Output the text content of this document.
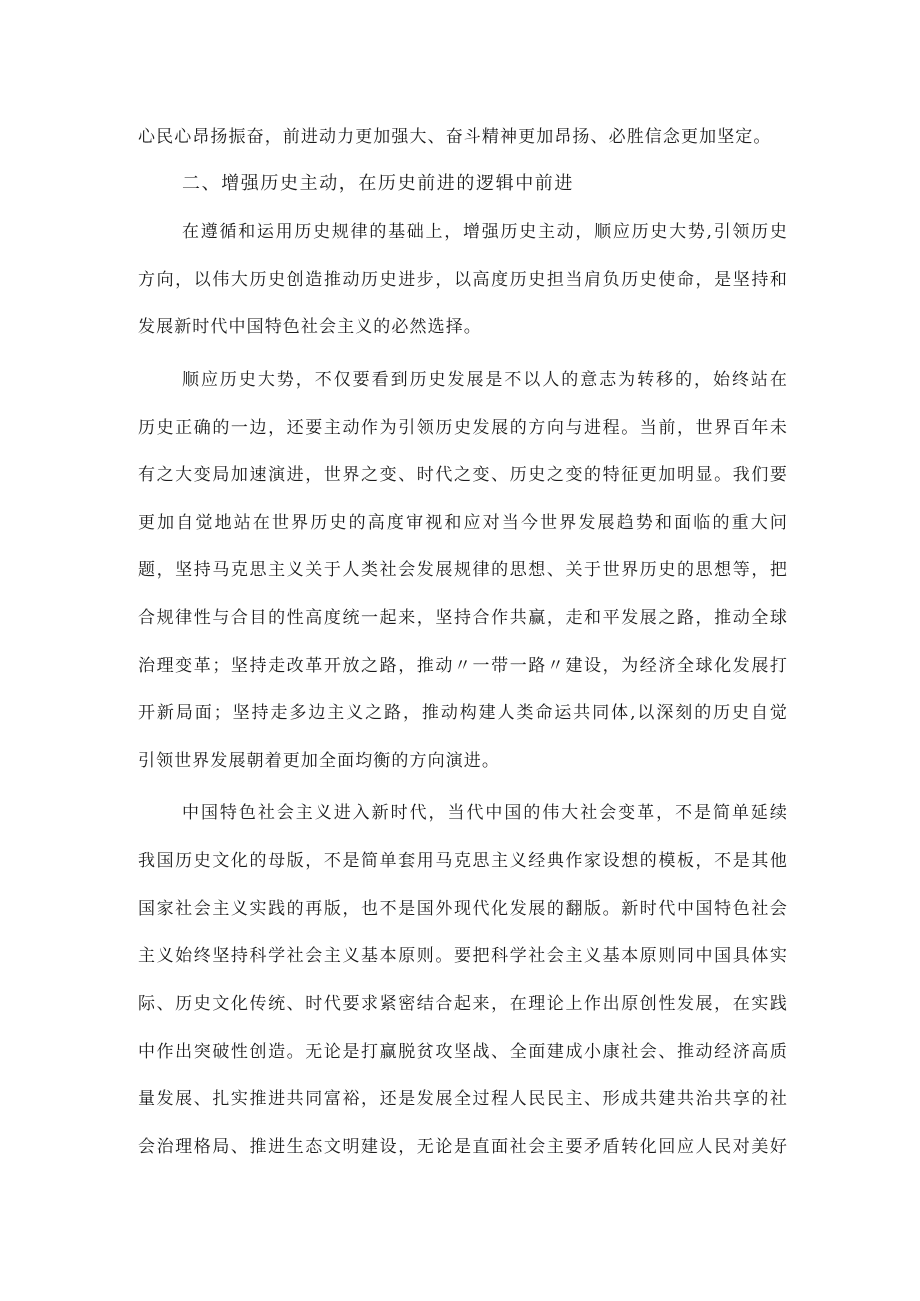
心民心昂扬振奋，前进动力更加强大、奋斗精神更加昂扬、必胜信念更加坚定。
二、增强历史主动，在历史前进的逻辑中前进
在遵循和运用历史规律的基础上，增强历史主动，顺应历史大势,引领历史
方向，以伟大历史创造推动历史进步，以高度历史担当肩负历史使命，是坚持和
发展新时代中国特色社会主义的必然选择。
顺应历史大势，不仅要看到历史发展是不以人的意志为转移的，始终站在
历史正确的一边，还要主动作为引领历史发展的方向与进程。当前，世界百年未
有之大变局加速演进，世界之变、时代之变、历史之变的特征更加明显。我们要
更加自觉地站在世界历史的高度审视和应对当今世界发展趋势和面临的重大问
题，坚持马克思主义关于人类社会发展规律的思想、关于世界历史的思想等，把
合规律性与合目的性高度统一起来，坚持合作共赢，走和平发展之路，推动全球
治理变革；坚持走改革开放之路，推动〃一带一路〃建设，为经济全球化发展打
开新局面；坚持走多边主义之路，推动构建人类命运共同体,以深刻的历史自觉
引领世界发展朝着更加全面均衡的方向演进。
中国特色社会主义进入新时代，当代中国的伟大社会变革，不是简单延续
我国历史文化的母版，不是简单套用马克思主义经典作家设想的模板，不是其他
国家社会主义实践的再版，也不是国外现代化发展的翻版。新时代中国特色社会
主义始终坚持科学社会主义基本原则。要把科学社会主义基本原则同中国具体实
际、历史文化传统、时代要求紧密结合起来，在理论上作出原创性发展，在实践
中作出突破性创造。无论是打赢脱贫攻坚战、全面建成小康社会、推动经济高质
量发展、扎实推进共同富裕，还是发展全过程人民民主、形成共建共治共享的社
会治理格局、推进生态文明建设，无论是直面社会主要矛盾转化回应人民对美好
